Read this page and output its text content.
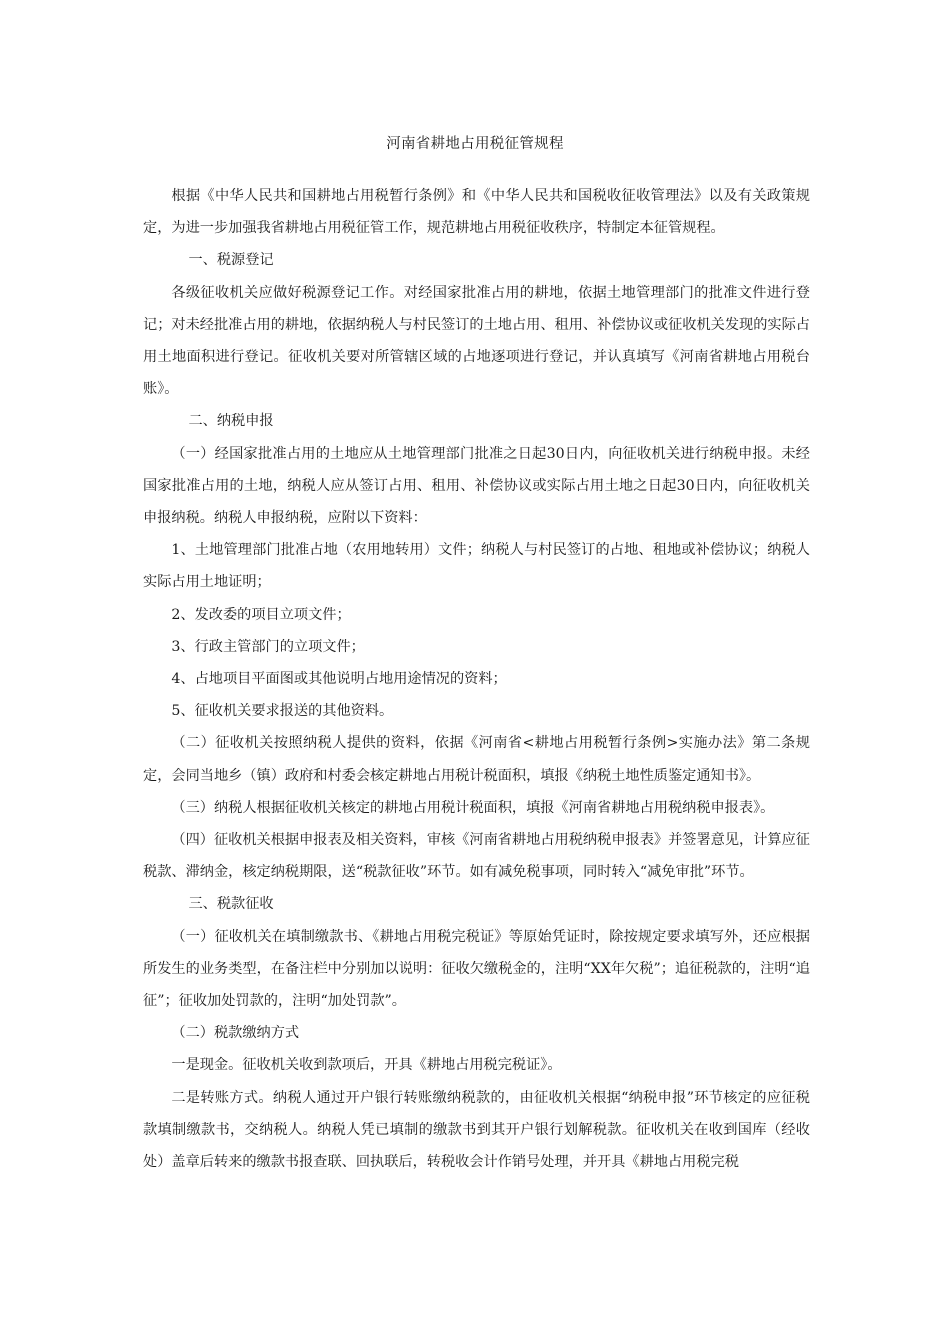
河南省耕地占用税征管规程

根据《中华人民共和国耕地占用税暂行条例》和《中华人民共和国税收征收管理法》以及有关政策规定，为进一步加强我省耕地占用税征管工作，规范耕地占用税征收秩序，特制定本征管规程。

一、税源登记

各级征收机关应做好税源登记工作。对经国家批准占用的耕地，依据土地管理部门的批准文件进行登记；对未经批准占用的耕地，依据纳税人与村民签订的土地占用、租用、补偿协议或征收机关发现的实际占用土地面积进行登记。征收机关要对所管辖区域的占地逐项进行登记，并认真填写《河南省耕地占用税台账》。

二、纳税申报

（一）经国家批准占用的土地应从土地管理部门批准之日起30日内，向征收机关进行纳税申报。未经国家批准占用的土地，纳税人应从签订占用、租用、补偿协议或实际占用土地之日起30日内，向征收机关申报纳税。纳税人申报纳税，应附以下资料：

1、土地管理部门批准占地（农用地转用）文件；纳税人与村民签订的占地、租地或补偿协议；纳税人实际占用土地证明；

2、发改委的项目立项文件；

3、行政主管部门的立项文件；

4、占地项目平面图或其他说明占地用途情况的资料；

5、征收机关要求报送的其他资料。

（二）征收机关按照纳税人提供的资料，依据《河南省<耕地占用税暂行条例>实施办法》第二条规定，会同当地乡（镇）政府和村委会核定耕地占用税计税面积，填报《纳税土地性质鉴定通知书》。

（三）纳税人根据征收机关核定的耕地占用税计税面积，填报《河南省耕地占用税纳税申报表》。

（四）征收机关根据申报表及相关资料，审核《河南省耕地占用税纳税申报表》并签署意见，计算应征税款、滞纳金，核定纳税期限，送“税款征收”环节。如有减免税事项，同时转入“减免审批”环节。

三、税款征收

（一）征收机关在填制缴款书、《耕地占用税完税证》等原始凭证时，除按规定要求填写外，还应根据所发生的业务类型，在备注栏中分别加以说明：征收欠缴税金的，注明“XX年欠税”；追征税款的，注明“追征”；征收加处罚款的，注明“加处罚款”。

（二）税款缴纳方式

一是现金。征收机关收到款项后，开具《耕地占用税完税证》。

二是转账方式。纳税人通过开户银行转账缴纳税款的，由征收机关根据“纳税申报”环节核定的应征税款填制缴款书，交纳税人。纳税人凭已填制的缴款书到其开户银行划解税款。征收机关在收到国库（经收处）盖章后转来的缴款书报查联、回执联后，转税收会计作销号处理，并开具《耕地占用税完税
